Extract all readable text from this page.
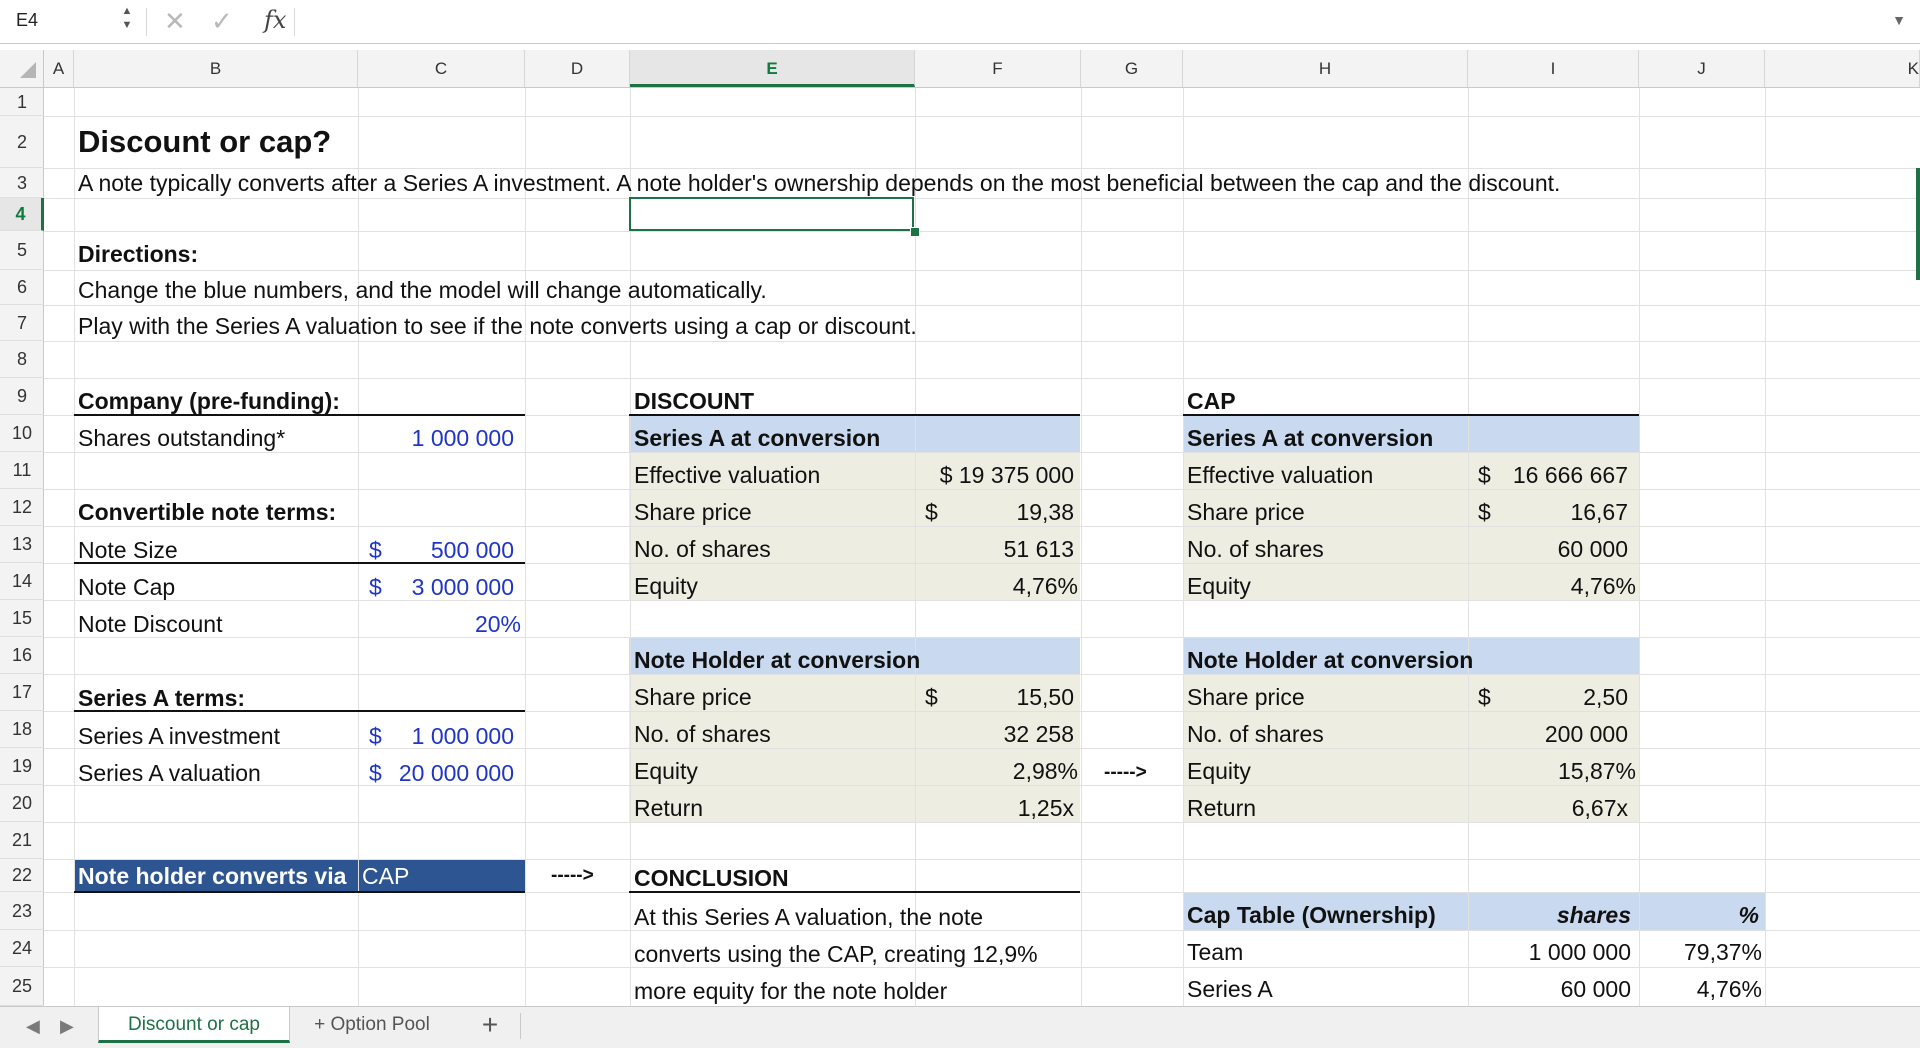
E4	▲
▼ ✕ ✓ fx	▼
A	B	C	D	E	F	G	H	I	J	K
1
2
3
4
5
6
7
8
9
10
11
12
13
14
15
16
17
18
19
20
21
22
23
24
25
Discount or cap?
A note typically converts after a Series A investment. A note holder's ownership depends on the most beneficial between the cap and the discount.
Directions:
Change the blue numbers, and the model will change automatically.
Play with the Series A valuation to see if the note converts using a cap or discount.
Company (pre-funding):
Shares outstanding*	1 000 000
Convertible note terms:
Note Size	$	500 000
Note Cap	$	3 000 000
Note Discount	20%
Series A terms:
Series A investment	$	1 000 000
Series A valuation	$ 20 000 000
Note holder converts via CAP	----->
DISCOUNT
Series A at conversion
Effective valuation	$ 19 375 000
Share price	$	19,38
No. of shares	51 613
Equity	4,76%
Note Holder at conversion
Share price	$	15,50
No. of shares	32 258
Equity	2,98%
Return	1,25x
----->
CAP
Series A at conversion
Effective valuation	$ 16 666 667
Share price	$	16,67
No. of shares	60 000
Equity	4,76%
Note Holder at conversion
Share price	$	2,50
No. of shares	200 000
Equity	15,87%
Return	6,67x
CONCLUSION
At this Series A valuation, the note
converts using the CAP, creating 12,9%
more equity for the note holder
Cap Table (Ownership)	shares	%
Team	1 000 000	79,37%
Series A	60 000	4,76%
◀ ▶	Discount or cap	+ Option Pool	+
